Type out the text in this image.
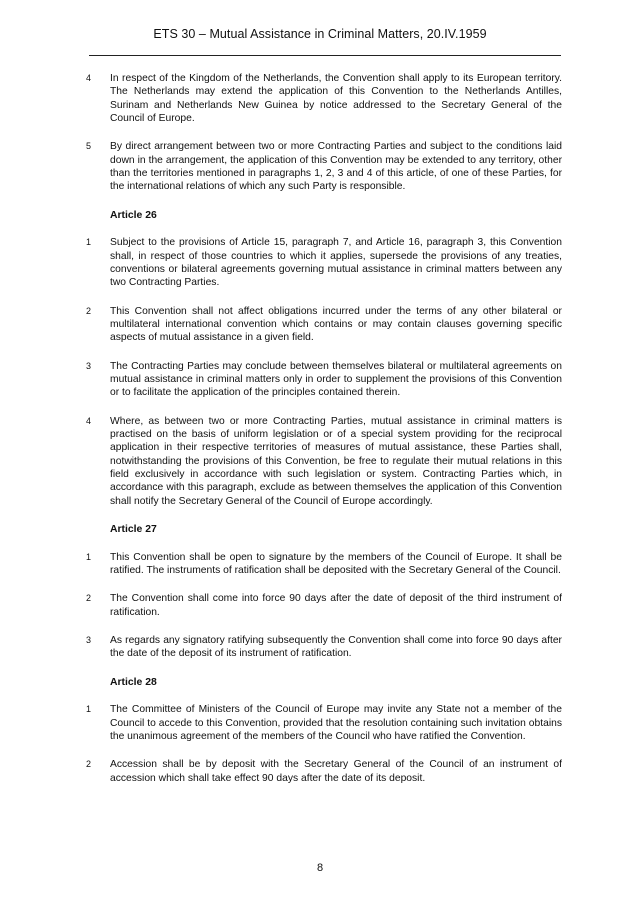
ETS 30 – Mutual Assistance in Criminal Matters, 20.IV.1959
4	In respect of the Kingdom of the Netherlands, the Convention shall apply to its European territory. The Netherlands may extend the application of this Convention to the Netherlands Antilles, Surinam and Netherlands New Guinea by notice addressed to the Secretary General of the Council of Europe.
5	By direct arrangement between two or more Contracting Parties and subject to the conditions laid down in the arrangement, the application of this Convention may be extended to any territory, other than the territories mentioned in paragraphs 1, 2, 3 and 4 of this article, of one of these Parties, for the international relations of which any such Party is responsible.
Article 26
1	Subject to the provisions of Article 15, paragraph 7, and Article 16, paragraph 3, this Convention shall, in respect of those countries to which it applies, supersede the provisions of any treaties, conventions or bilateral agreements governing mutual assistance in criminal matters between any two Contracting Parties.
2	This Convention shall not affect obligations incurred under the terms of any other bilateral or multilateral international convention which contains or may contain clauses governing specific aspects of mutual assistance in a given field.
3	The Contracting Parties may conclude between themselves bilateral or multilateral agreements on mutual assistance in criminal matters only in order to supplement the provisions of this Convention or to facilitate the application of the principles contained therein.
4	Where, as between two or more Contracting Parties, mutual assistance in criminal matters is practised on the basis of uniform legislation or of a special system providing for the reciprocal application in their respective territories of measures of mutual assistance, these Parties shall, notwithstanding the provisions of this Convention, be free to regulate their mutual relations in this field exclusively in accordance with such legislation or system. Contracting Parties which, in accordance with this paragraph, exclude as between themselves the application of this Convention shall notify the Secretary General of the Council of Europe accordingly.
Article 27
1	This Convention shall be open to signature by the members of the Council of Europe. It shall be ratified. The instruments of ratification shall be deposited with the Secretary General of the Council.
2	The Convention shall come into force 90 days after the date of deposit of the third instrument of ratification.
3	As regards any signatory ratifying subsequently the Convention shall come into force 90 days after the date of the deposit of its instrument of ratification.
Article 28
1	The Committee of Ministers of the Council of Europe may invite any State not a member of the Council to accede to this Convention, provided that the resolution containing such invitation obtains the unanimous agreement of the members of the Council who have ratified the Convention.
2	Accession shall be by deposit with the Secretary General of the Council of an instrument of accession which shall take effect 90 days after the date of its deposit.
8
